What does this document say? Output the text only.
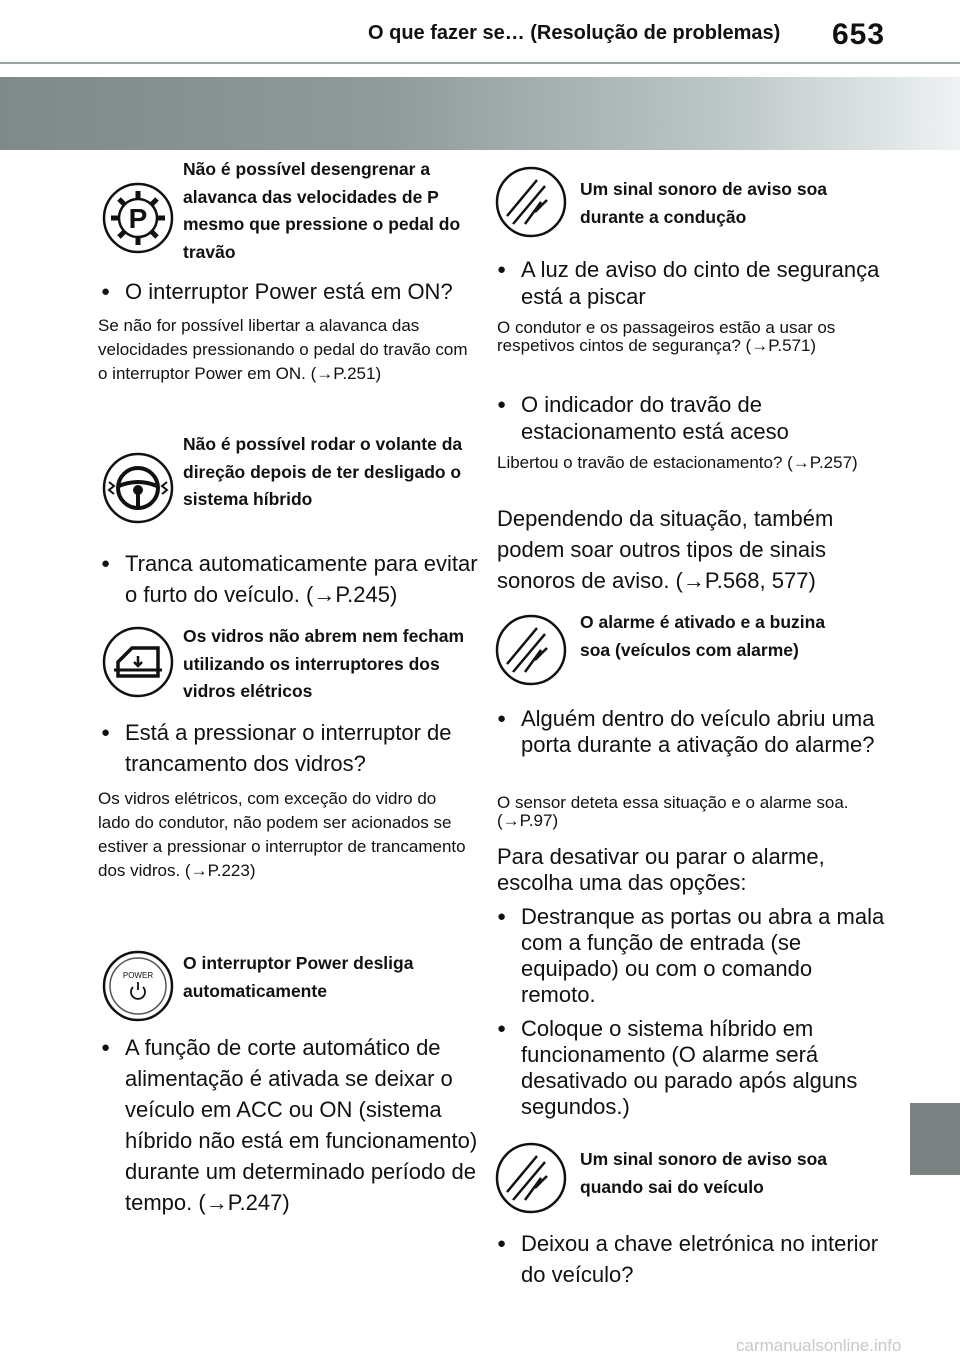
O que fazer se… (Resolução de problemas) 653
P
Não é possível desengrenar a alavanca das velocidades de P mesmo que pressione o pedal do travão
● O interruptor Power está em ON?
Se não for possível libertar a alavanca das velocidades pressionando o pedal do travão com o interruptor Power em ON. (→P.251)
Não é possível rodar o volante da direção depois de ter desligado o sistema híbrido
● Tranca automaticamente para evitar o furto do veículo. (→P.245)
Os vidros não abrem nem fecham utilizando os interruptores dos vidros elétricos
● Está a pressionar o interruptor de trancamento dos vidros?
Os vidros elétricos, com exceção do vidro do lado do condutor, não podem ser acionados se estiver a pressionar o interruptor de trancamento dos vidros. (→P.223)
POWER
O interruptor Power desliga automaticamente
● A função de corte automático de alimentação é ativada se deixar o veículo em ACC ou ON (sistema híbrido não está em funcionamento) durante um determinado período de tempo. (→P.247)
Um sinal sonoro de aviso soa durante a condução
● A luz de aviso do cinto de segurança está a piscar
O condutor e os passageiros estão a usar os respetivos cintos de segurança? (→P.571)
● O indicador do travão de estacionamento está aceso
Libertou o travão de estacionamento? (→P.257)
Dependendo da situação, também podem soar outros tipos de sinais sonoros de aviso. (→P.568, 577)
O alarme é ativado e a buzina soa (veículos com alarme)
● Alguém dentro do veículo abriu uma porta durante a ativação do alarme?
O sensor deteta essa situação e o alarme soa. (→P.97)
Para desativar ou parar o alarme, escolha uma das opções:
● Destranque as portas ou abra a mala com a função de entrada (se equipado) ou com o comando remoto.
● Coloque o sistema híbrido em funcionamento (O alarme será desativado ou parado após alguns segundos.)
Um sinal sonoro de aviso soa quando sai do veículo
● Deixou a chave eletrónica no interior do veículo?
carmanualsonline.info
